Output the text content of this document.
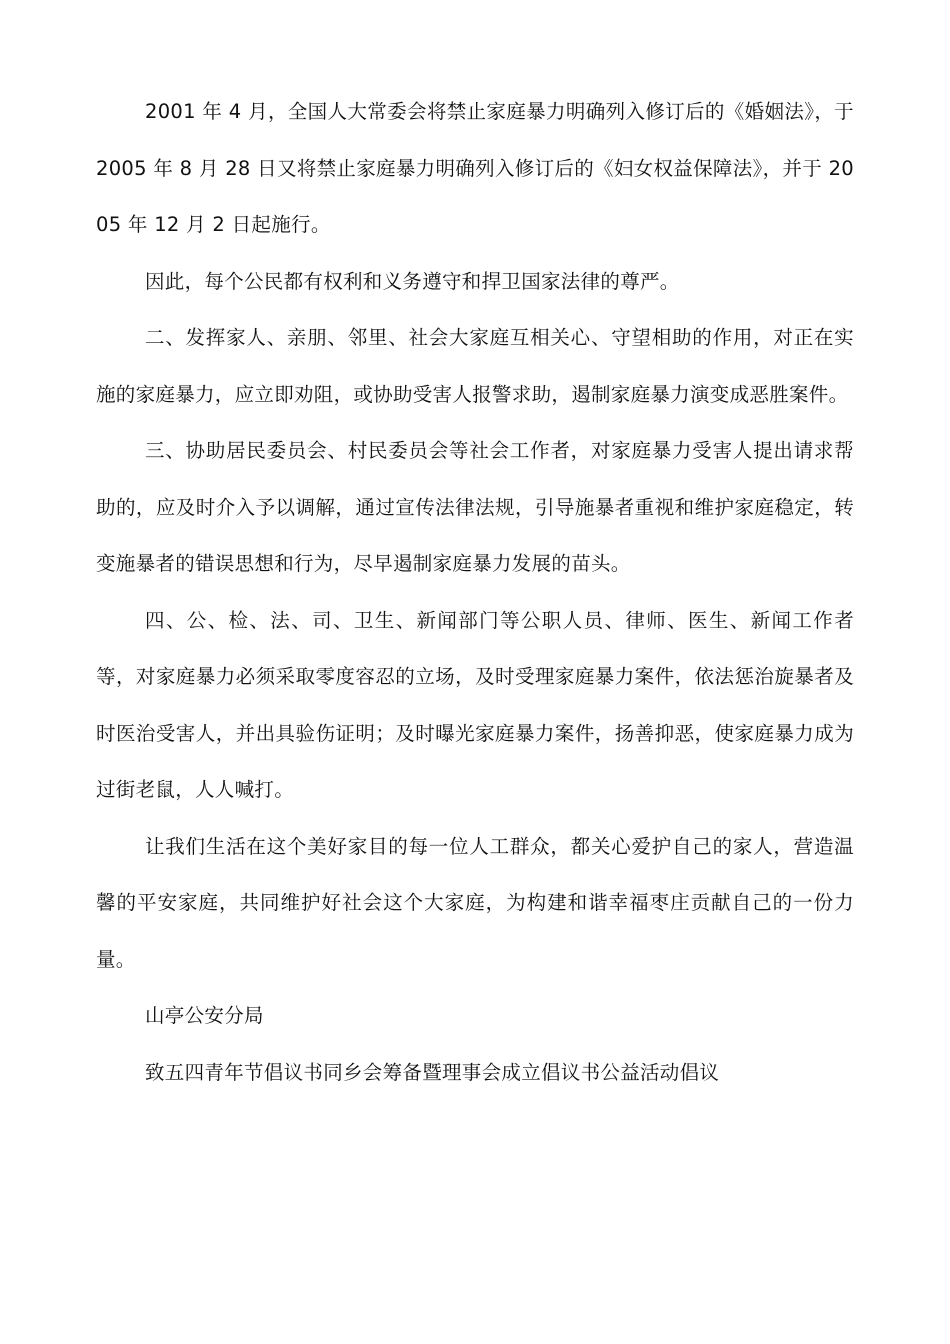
2001 年 4 月，全国人大常委会将禁止家庭暴力明确列入修订后的《婚姻法》，于 2005 年 8 月 28 日又将禁止家庭暴力明确列入修订后的《妇女权益保障法》，并于 2005 年 12 月 2 日起施行。

因此，每个公民都有权利和义务遵守和捍卫国家法律的尊严。

二、发挥家人、亲朋、邻里、社会大家庭互相关心、守望相助的作用，对正在实施的家庭暴力，应立即劝阻，或协助受害人报警求助，遏制家庭暴力演变成恶胜案件。

三、协助居民委员会、村民委员会等社会工作者，对家庭暴力受害人提出请求帮助的，应及时介入予以调解，通过宣传法律法规，引导施暴者重视和维护家庭稳定，转变施暴者的错误思想和行为，尽早遏制家庭暴力发展的苗头。

四、公、检、法、司、卫生、新闻部门等公职人员、律师、医生、新闻工作者等，对家庭暴力必须采取零度容忍的立场，及时受理家庭暴力案件，依法惩治旋暴者及时医治受害人，并出具验伤证明；及时曝光家庭暴力案件，扬善抑恶，使家庭暴力成为过街老鼠，人人喊打。

让我们生活在这个美好家目的每一位人工群众，都关心爱护自己的家人，营造温馨的平安家庭，共同维护好社会这个大家庭，为构建和谐幸福枣庄贡献自己的一份力量。

山亭公安分局

致五四青年节倡议书同乡会筹备暨理事会成立倡议书公益活动倡议
